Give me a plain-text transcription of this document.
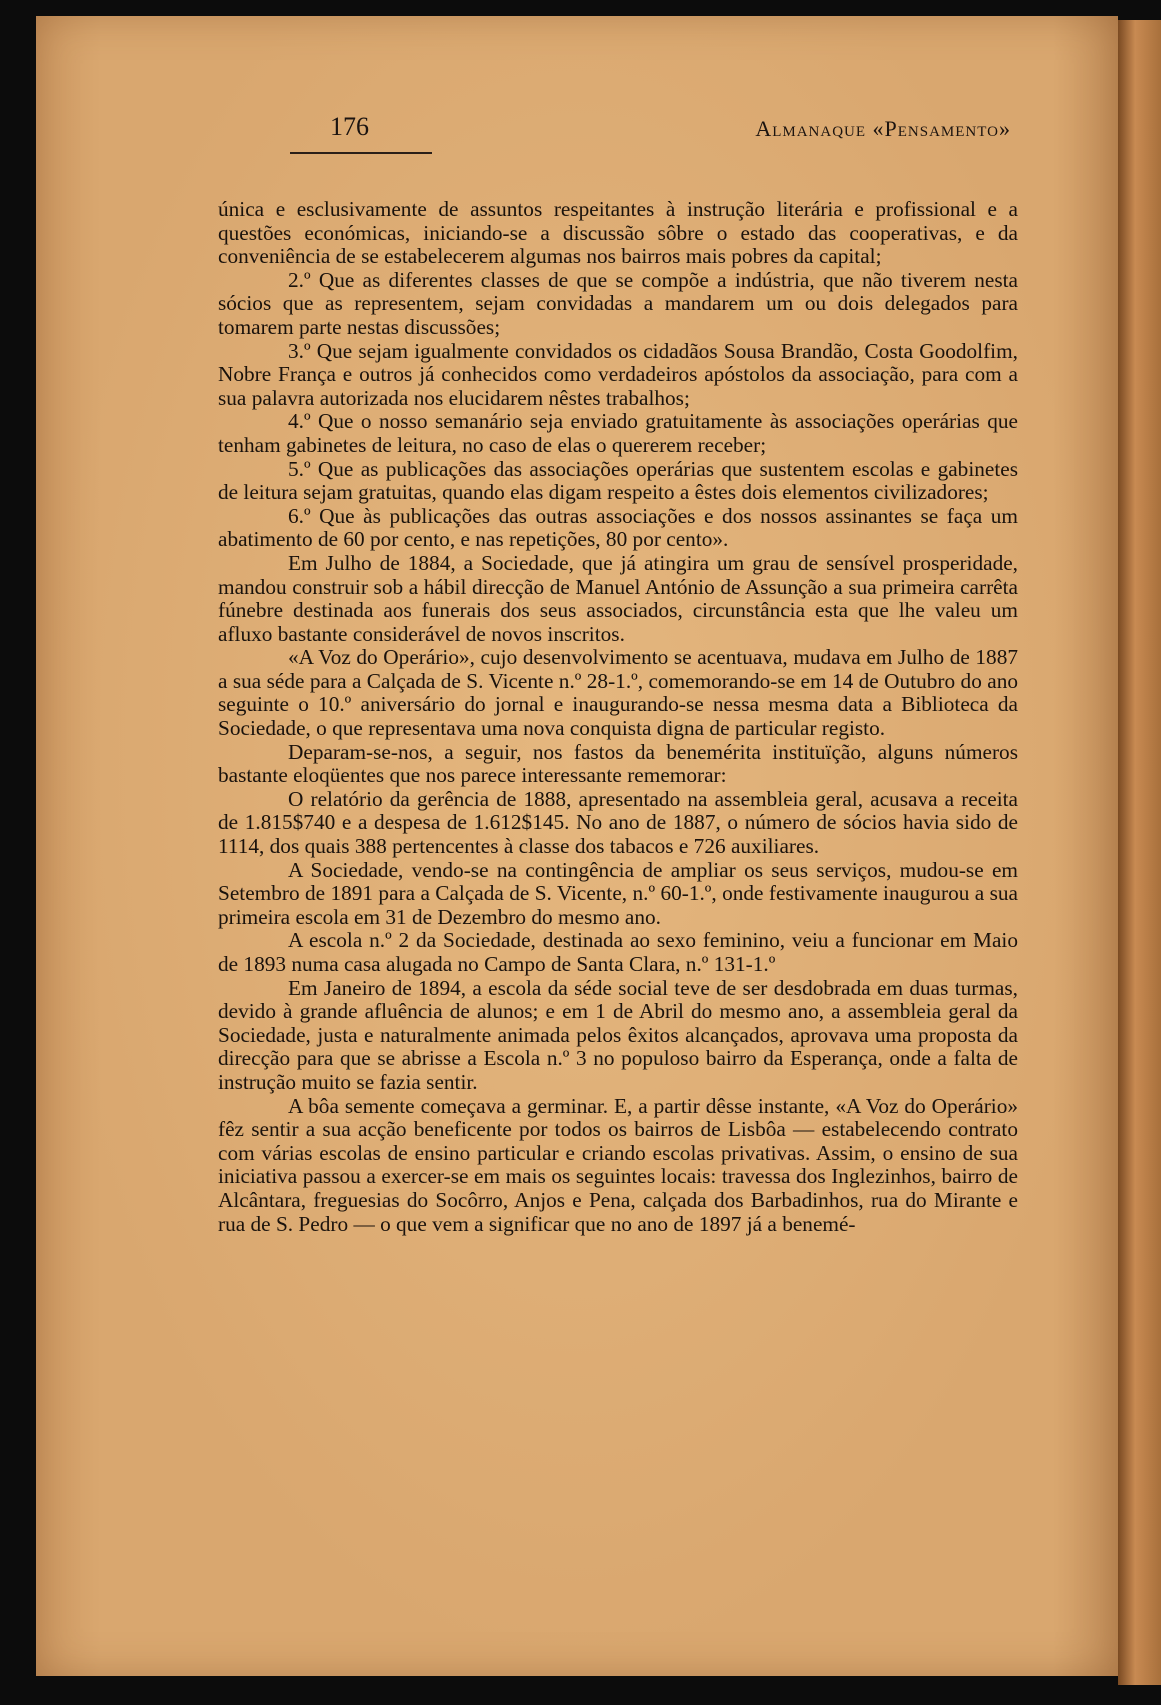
176	Almanaque «Pensamento»

única e esclusivamente de assuntos respeitantes à instrução literária e profissional e a questões económicas, iniciando-se a discussão sôbre o estado das cooperativas, e da conveniência de se estabelecerem algumas nos bairros mais pobres da capital;

2.º Que as diferentes classes de que se compõe a indústria, que não tiverem nesta sócios que as representem, sejam convidadas a mandarem um ou dois delegados para tomarem parte nestas discussões;

3.º Que sejam igualmente convidados os cidadãos Sousa Brandão, Costa Goodolfim, Nobre França e outros já conhecidos como verdadeiros apóstolos da associação, para com a sua palavra autorizada nos elucidarem nêstes trabalhos;

4.º Que o nosso semanário seja enviado gratuitamente às associações operárias que tenham gabinetes de leitura, no caso de elas o quererem receber;

5.º Que as publicações das associações operárias que sustentem escolas e gabinetes de leitura sejam gratuitas, quando elas digam respeito a êstes dois elementos civilizadores;

6.º Que às publicações das outras associações e dos nossos assinantes se faça um abatimento de 60 por cento, e nas repetições, 80 por cento».

Em Julho de 1884, a Sociedade, que já atingira um grau de sensível prosperidade, mandou construir sob a hábil direcção de Manuel António de Assunção a sua primeira carrêta fúnebre destinada aos funerais dos seus associados, circunstância esta que lhe valeu um afluxo bastante considerável de novos inscritos.

«A Voz do Operário», cujo desenvolvimento se acentuava, mudava em Julho de 1887 a sua séde para a Calçada de S. Vicente n.º 28-1.º, comemorando-se em 14 de Outubro do ano seguinte o 10.º aniversário do jornal e inaugurando-se nessa mesma data a Biblioteca da Sociedade, o que representava uma nova conquista digna de particular registo.

Deparam-se-nos, a seguir, nos fastos da benemérita instituïção, alguns números bastante eloqüentes que nos parece interessante rememorar:

O relatório da gerência de 1888, apresentado na assembleia geral, acusava a receita de 1.815$740 e a despesa de 1.612$145. No ano de 1887, o número de sócios havia sido de 1114, dos quais 388 pertencentes à classe dos tabacos e 726 auxiliares.

A Sociedade, vendo-se na contingência de ampliar os seus serviços, mudou-se em Setembro de 1891 para a Calçada de S. Vicente, n.º 60-1.º, onde festivamente inaugurou a sua primeira escola em 31 de Dezembro do mesmo ano.

A escola n.º 2 da Sociedade, destinada ao sexo feminino, veiu a funcionar em Maio de 1893 numa casa alugada no Campo de Santa Clara, n.º 131-1.º

Em Janeiro de 1894, a escola da séde social teve de ser desdobrada em duas turmas, devido à grande afluência de alunos; e em 1 de Abril do mesmo ano, a assembleia geral da Sociedade, justa e naturalmente animada pelos êxitos alcançados, aprovava uma proposta da direcção para que se abrisse a Escola n.º 3 no populoso bairro da Esperança, onde a falta de instrução muito se fazia sentir.

A bôa semente começava a germinar. E, a partir dêsse instante, «A Voz do Operário» fêz sentir a sua acção beneficente por todos os bairros de Lisbôa — estabelecendo contrato com várias escolas de ensino particular e criando escolas privativas. Assim, o ensino de sua iniciativa passou a exercer-se em mais os seguintes locais: travessa dos Inglezinhos, bairro de Alcântara, freguesias do Socôrro, Anjos e Pena, calçada dos Barbadinhos, rua do Mirante e rua de S. Pedro — o que vem a significar que no ano de 1897 já a benemé-
